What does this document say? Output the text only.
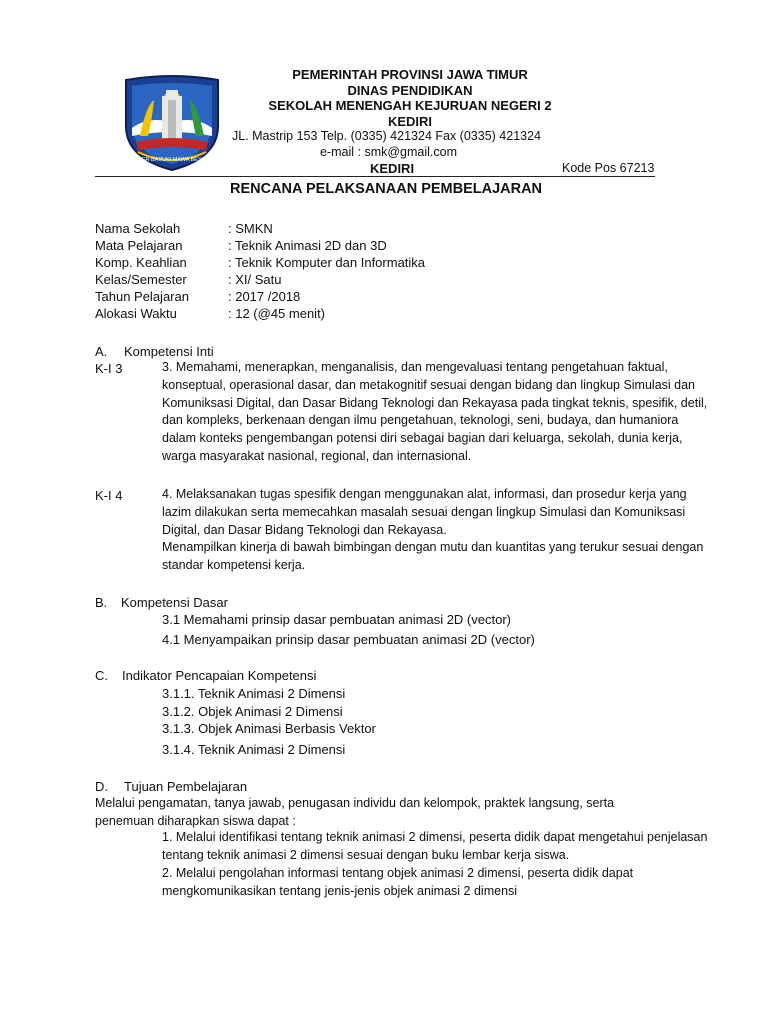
JER BASUKI MAWA BEYA
PEMERINTAH PROVINSI JAWA TIMUR
DINAS PENDIDIKAN
SEKOLAH MENENGAH KEJURUAN NEGERI 2
KEDIRI
JL. Mastrip 153 Telp. (0335) 421324 Fax (0335) 421324
e-mail : smk@gmail.com
KEDIRI	Kode Pos 67213
RENCANA PELAKSANAAN PEMBELAJARAN
Nama Sekolah	: SMKN
Mata Pelajaran	: Teknik Animasi 2D dan 3D
Komp. Keahlian	: Teknik Komputer dan Informatika
Kelas/Semester	: XI/ Satu
Tahun Pelajaran	: 2017 /2018
Alokasi Waktu	: 12 (@45 menit)
A. Kompetensi Inti
K-I 3	3. Memahami, menerapkan, menganalisis, dan mengevaluasi tentang pengetahuan faktual, konseptual, operasional dasar, dan metakognitif sesuai dengan bidang dan lingkup Simulasi dan Komuniksasi Digital, dan Dasar Bidang Teknologi dan Rekayasa pada tingkat teknis, spesifik, detil, dan kompleks, berkenaan dengan ilmu pengetahuan, teknologi, seni, budaya, dan humaniora dalam konteks pengembangan potensi diri sebagai bagian dari keluarga, sekolah, dunia kerja, warga masyarakat nasional, regional, dan internasional.
K-I 4	4. Melaksanakan tugas spesifik dengan menggunakan alat, informasi, dan prosedur kerja yang lazim dilakukan serta memecahkan masalah sesuai dengan lingkup Simulasi dan Komuniksasi Digital, dan Dasar Bidang Teknologi dan Rekayasa.
Menampilkan kinerja di bawah bimbingan dengan mutu dan kuantitas yang terukur sesuai dengan standar kompetensi kerja.
B. Kompetensi Dasar
3.1 Memahami prinsip dasar pembuatan animasi 2D (vector)
4.1 Menyampaikan prinsip dasar pembuatan animasi 2D (vector)
C. Indikator Pencapaian Kompetensi
3.1.1. Teknik Animasi 2 Dimensi
3.1.2. Objek Animasi 2 Dimensi
3.1.3. Objek Animasi Berbasis Vektor
3.1.4. Teknik Animasi 2 Dimensi
D. Tujuan Pembelajaran
Melalui pengamatan, tanya jawab, penugasan individu dan kelompok, praktek langsung, serta penemuan diharapkan siswa dapat :
1. Melalui identifikasi tentang teknik animasi 2 dimensi, peserta didik dapat mengetahui penjelasan tentang teknik animasi 2 dimensi sesuai dengan buku lembar kerja siswa.
2. Melalui pengolahan informasi tentang objek animasi 2 dimensi, peserta didik dapat mengkomunikasikan tentang jenis-jenis objek animasi 2 dimensi
